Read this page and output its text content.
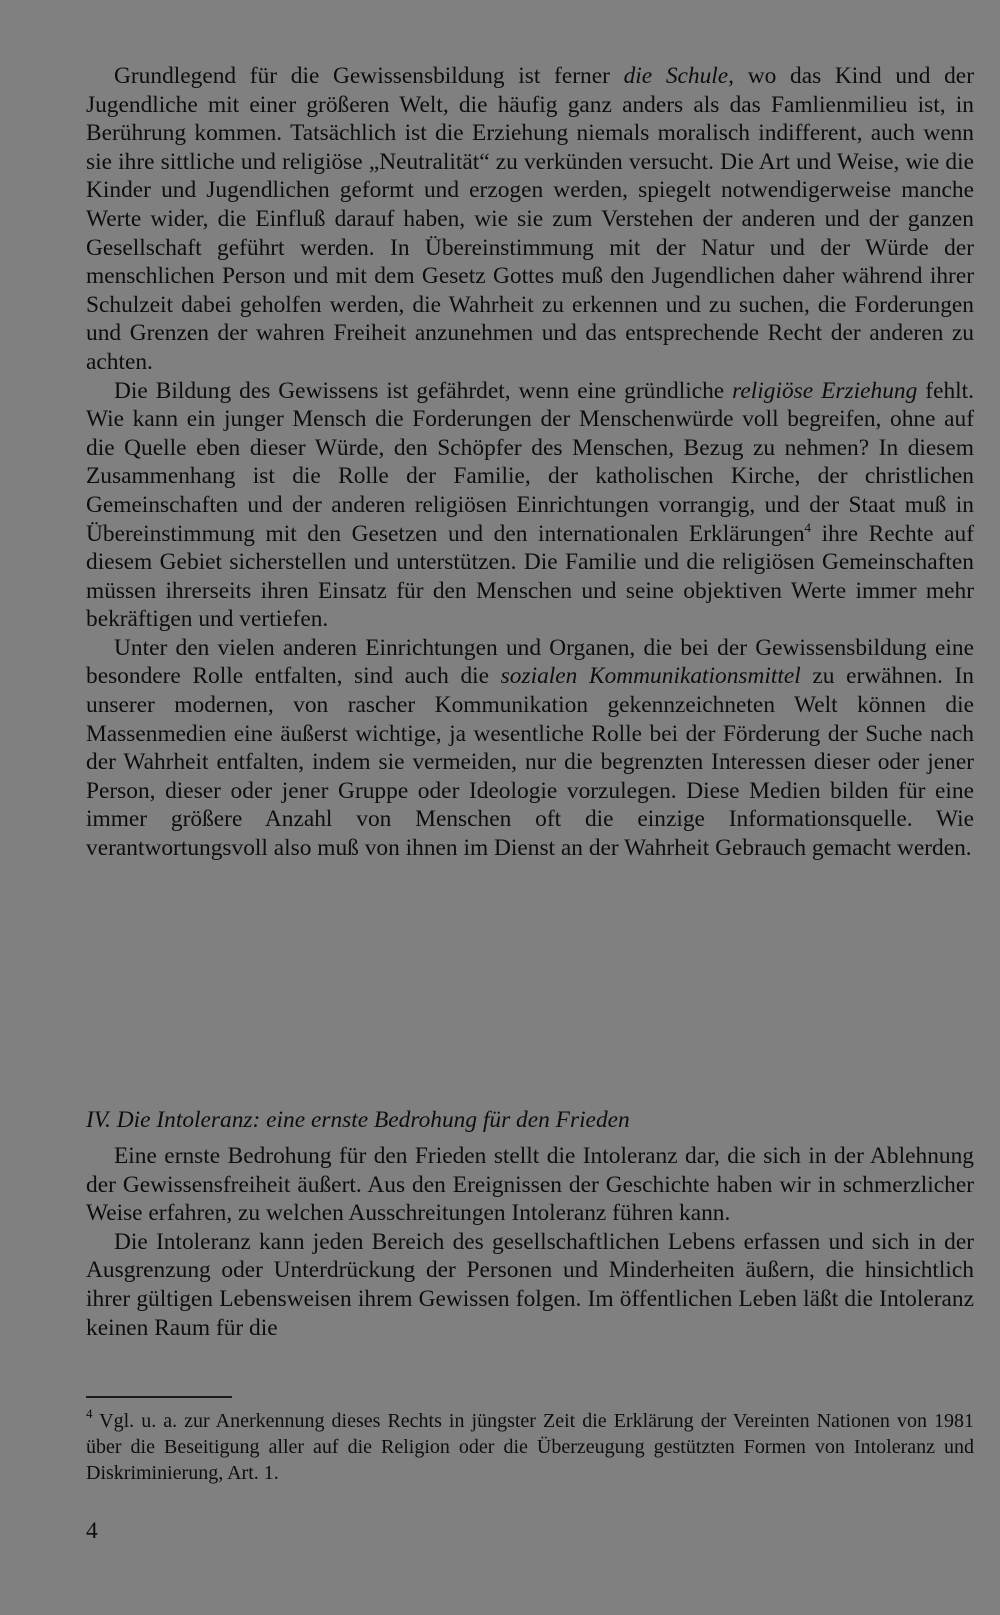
Grundlegend für die Gewissensbildung ist ferner die Schule, wo das Kind und der Jugendliche mit einer größeren Welt, die häufig ganz anders als das Famlienmilieu ist, in Berührung kommen. Tatsächlich ist die Erziehung niemals moralisch indifferent, auch wenn sie ihre sittliche und religiöse „Neutralität“ zu verkünden versucht. Die Art und Weise, wie die Kinder und Jugendlichen geformt und erzogen werden, spiegelt notwendigerweise manche Werte wider, die Einfluß darauf haben, wie sie zum Verstehen der anderen und der ganzen Gesellschaft geführt werden. In Übereinstimmung mit der Natur und der Würde der menschlichen Person und mit dem Gesetz Gottes muß den Jugendlichen daher während ihrer Schulzeit dabei geholfen werden, die Wahrheit zu erkennen und zu suchen, die Forderungen und Grenzen der wahren Freiheit anzunehmen und das entsprechende Recht der anderen zu achten.

Die Bildung des Gewissens ist gefährdet, wenn eine gründliche religiöse Erziehung fehlt. Wie kann ein junger Mensch die Forderungen der Menschenwürde voll begreifen, ohne auf die Quelle eben dieser Würde, den Schöpfer des Menschen, Bezug zu nehmen? In diesem Zusammenhang ist die Rolle der Familie, der katholischen Kirche, der christlichen Gemeinschaften und der anderen religiösen Einrichtungen vorrangig, und der Staat muß in Übereinstimmung mit den Gesetzen und den internationalen Erklärungen$^4$ ihre Rechte auf diesem Gebiet sicherstellen und unterstützen. Die Familie und die religiösen Gemeinschaften müssen ihrerseits ihren Einsatz für den Menschen und seine objektiven Werte immer mehr bekräftigen und vertiefen.

Unter den vielen anderen Einrichtungen und Organen, die bei der Gewissensbildung eine besondere Rolle entfalten, sind auch die sozialen Kommunikationsmittel zu erwähnen. In unserer modernen, von rascher Kommunikation gekennzeichneten Welt können die Massenmedien eine äußerst wichtige, ja wesentliche Rolle bei der Förderung der Suche nach der Wahrheit entfalten, indem sie vermeiden, nur die begrenzten Interessen dieser oder jener Person, dieser oder jener Gruppe oder Ideologie vorzulegen. Diese Medien bilden für eine immer größere Anzahl von Menschen oft die einzige Informationsquelle. Wie verantwortungsvoll also muß von ihnen im Dienst an der Wahrheit Gebrauch gemacht werden.

IV. Die Intoleranz: eine ernste Bedrohung für den Frieden

Eine ernste Bedrohung für den Frieden stellt die Intoleranz dar, die sich in der Ablehnung der Gewissensfreiheit äußert. Aus den Ereignissen der Geschichte haben wir in schmerzlicher Weise erfahren, zu welchen Ausschreitungen Intoleranz führen kann.

Die Intoleranz kann jeden Bereich des gesellschaftlichen Lebens erfassen und sich in der Ausgrenzung oder Unterdrückung der Personen und Minderheiten äußern, die hinsichtlich ihrer gültigen Lebensweisen ihrem Gewissen folgen. Im öffentlichen Leben läßt die Intoleranz keinen Raum für die

$^4$ Vgl. u. a. zur Anerkennung dieses Rechts in jüngster Zeit die Erklärung der Vereinten Nationen von 1981 über die Beseitigung aller auf die Religion oder die Überzeugung gestützten Formen von Intoleranz und Diskriminierung, Art. 1.

4
